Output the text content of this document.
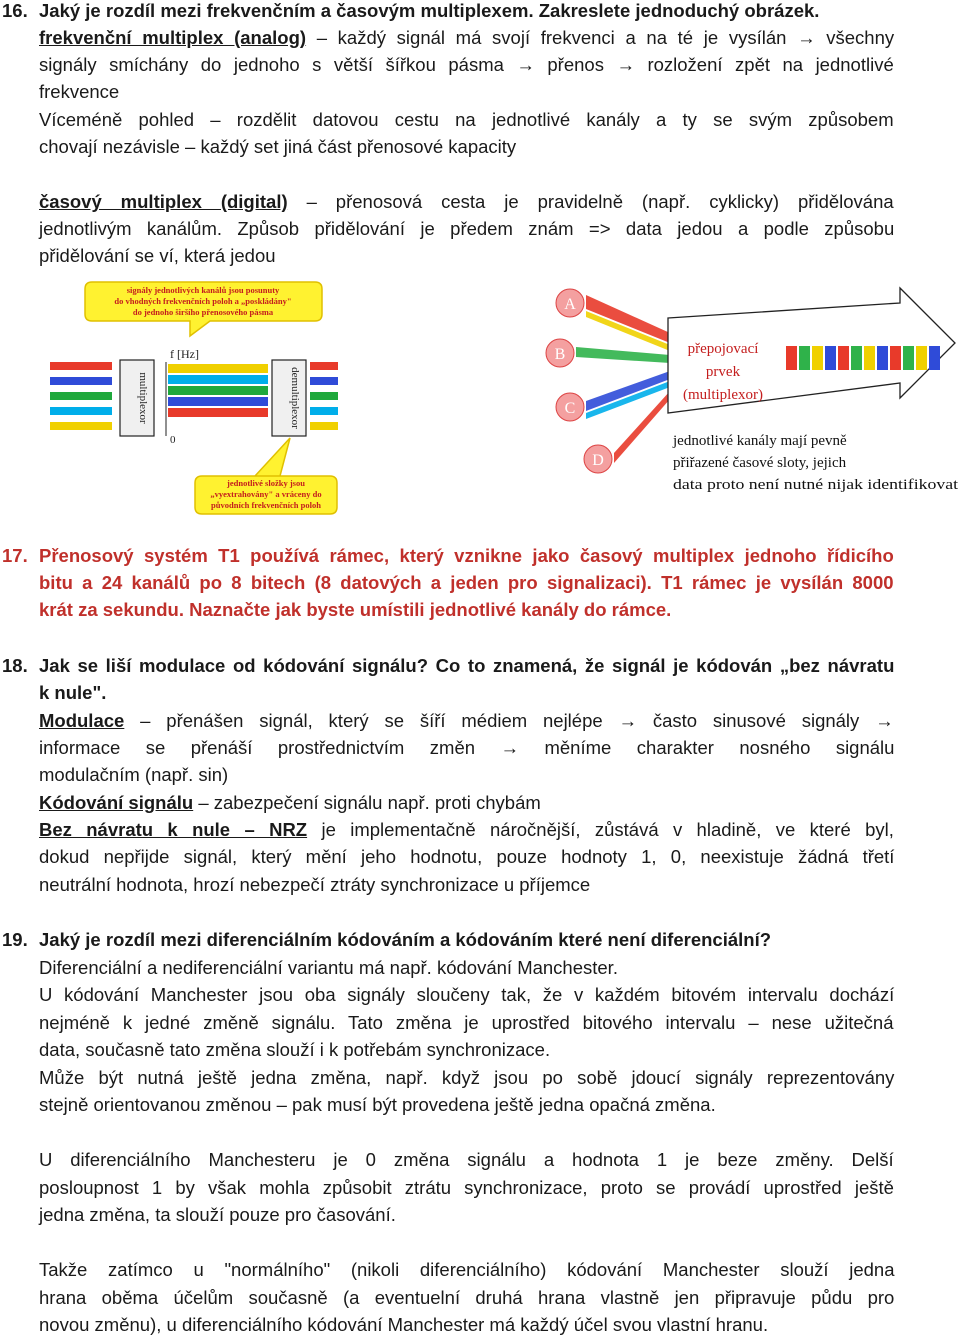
16. Jaký je rozdíl mezi frekvenčním a časovým multiplexem. Zakreslete jednoduchý obrázek.
frekvenční multiplex (analog) – každý signál má svojí frekvenci a na té je vysílán → všechny
signály smíchány do jednoho s větší šířkou pásma → přenos → rozložení zpět na jednotlivé
frekvence
Víceméně pohled – rozdělit datovou cestu na jednotlivé kanály a ty se svým způsobem
chovají nezávisle – každý set jiná část přenosové kapacity
časový multiplex (digital) – přenosová cesta je pravidelně (např. cyklicky) přidělována
jednotlivým kanálům. Způsob přidělování je předem znám => data jedou a podle způsobu
přidělování se ví, která jedou
signály jednotlivých kanálů jsou posunuty
do vhodných frekvenčních poloh a „poskládány"
do jednoho širšího přenosového pásma
f [Hz]
0
multiplexor	demultiplexor
jednotlivé složky jsou
„vyextrahovány" a vráceny do
původních frekvenčních poloh
A
B
C
D
přepojovací
prvek
(multiplexor)
jednotlivé kanály mají pevně
přiřazené časové sloty, jejich
data proto není nutné nijak identifikovat
17. Přenosový systém T1 používá rámec, který vznikne jako časový multiplex jednoho řídicího
bitu a 24 kanálů po 8 bitech (8 datových a jeden pro signalizaci). T1 rámec je vysílán 8000
krát za sekundu. Naznačte jak byste umístili jednotlivé kanály do rámce.
18. Jak se liší modulace od kódování signálu? Co to znamená, že signál je kódován „bez návratu
k nule".
Modulace – přenášen signál, který se šíří médiem nejlépe → často sinusové signály →
informace se přenáší prostřednictvím změn → měníme charakter nosného signálu
modulačním (např. sin)
Kódování signálu – zabezpečení signálu např. proti chybám
Bez návratu k nule – NRZ je implementačně náročnější, zůstává v hladině, ve které byl,
dokud nepřijde signál, který mění jeho hodnotu, pouze hodnoty 1, 0, neexistuje žádná třetí
neutrální hodnota, hrozí nebezpečí ztráty synchronizace u příjemce
19. Jaký je rozdíl mezi diferenciálním kódováním a kódováním které není diferenciální?
Diferenciální a nediferenciální variantu má např. kódování Manchester.
U kódování Manchester jsou oba signály sloučeny tak, že v každém bitovém intervalu dochází
nejméně k jedné změně signálu. Tato změna je uprostřed bitového intervalu – nese užitečná
data, současně tato změna slouží i k potřebám synchronizace.
Může být nutná ještě jedna změna, např. když jsou po sobě jdoucí signály reprezentovány
stejně orientovanou změnou – pak musí být provedena ještě jedna opačná změna.
U diferenciálního Manchesteru je 0 změna signálu a hodnota 1 je beze změny. Delší
posloupnost 1 by však mohla způsobit ztrátu synchronizace, proto se provádí uprostřed ještě
jedna změna, ta slouží pouze pro časování.
Takže zatímco u "normálního" (nikoli diferenciálního) kódování Manchester slouží jedna
hrana oběma účelům současně (a eventuelní druhá hrana vlastně jen připravuje půdu pro
novou změnu), u diferenciálního kódování Manchester má každý účel svou vlastní hranu.
